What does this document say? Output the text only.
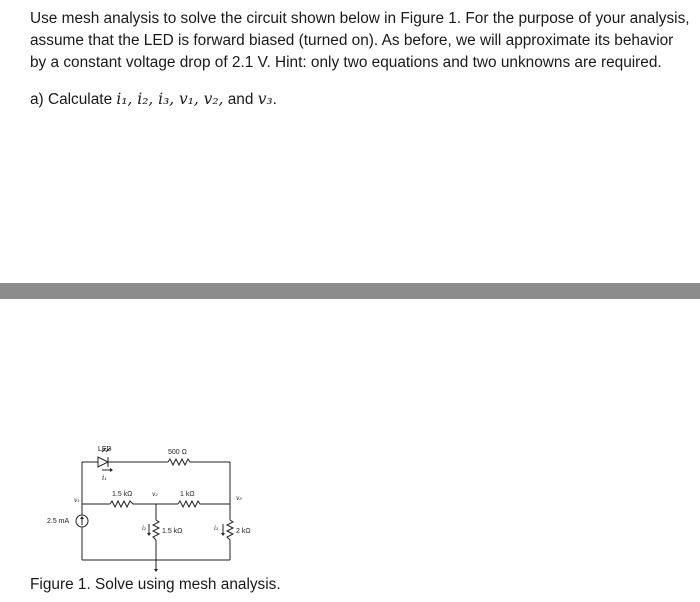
Use mesh analysis to solve the circuit shown below in Figure 1. For the purpose of your analysis,

assume that the LED is forward biased (turned on). As before, we will approximate its behavior

by a constant voltage drop of 2.1 V. Hint: only two equations and two unknowns are required.

a) Calculate i₁, i₂, i₃, v₁, v₂, and v₃.
LED
i₁
500 Ω
1.5 kΩ	1 kΩ
v₁
v₂
v₃
2.5 mA
1.5 kΩ
i₂	2 kΩ
i₃
Figure 1. Solve using mesh analysis.
